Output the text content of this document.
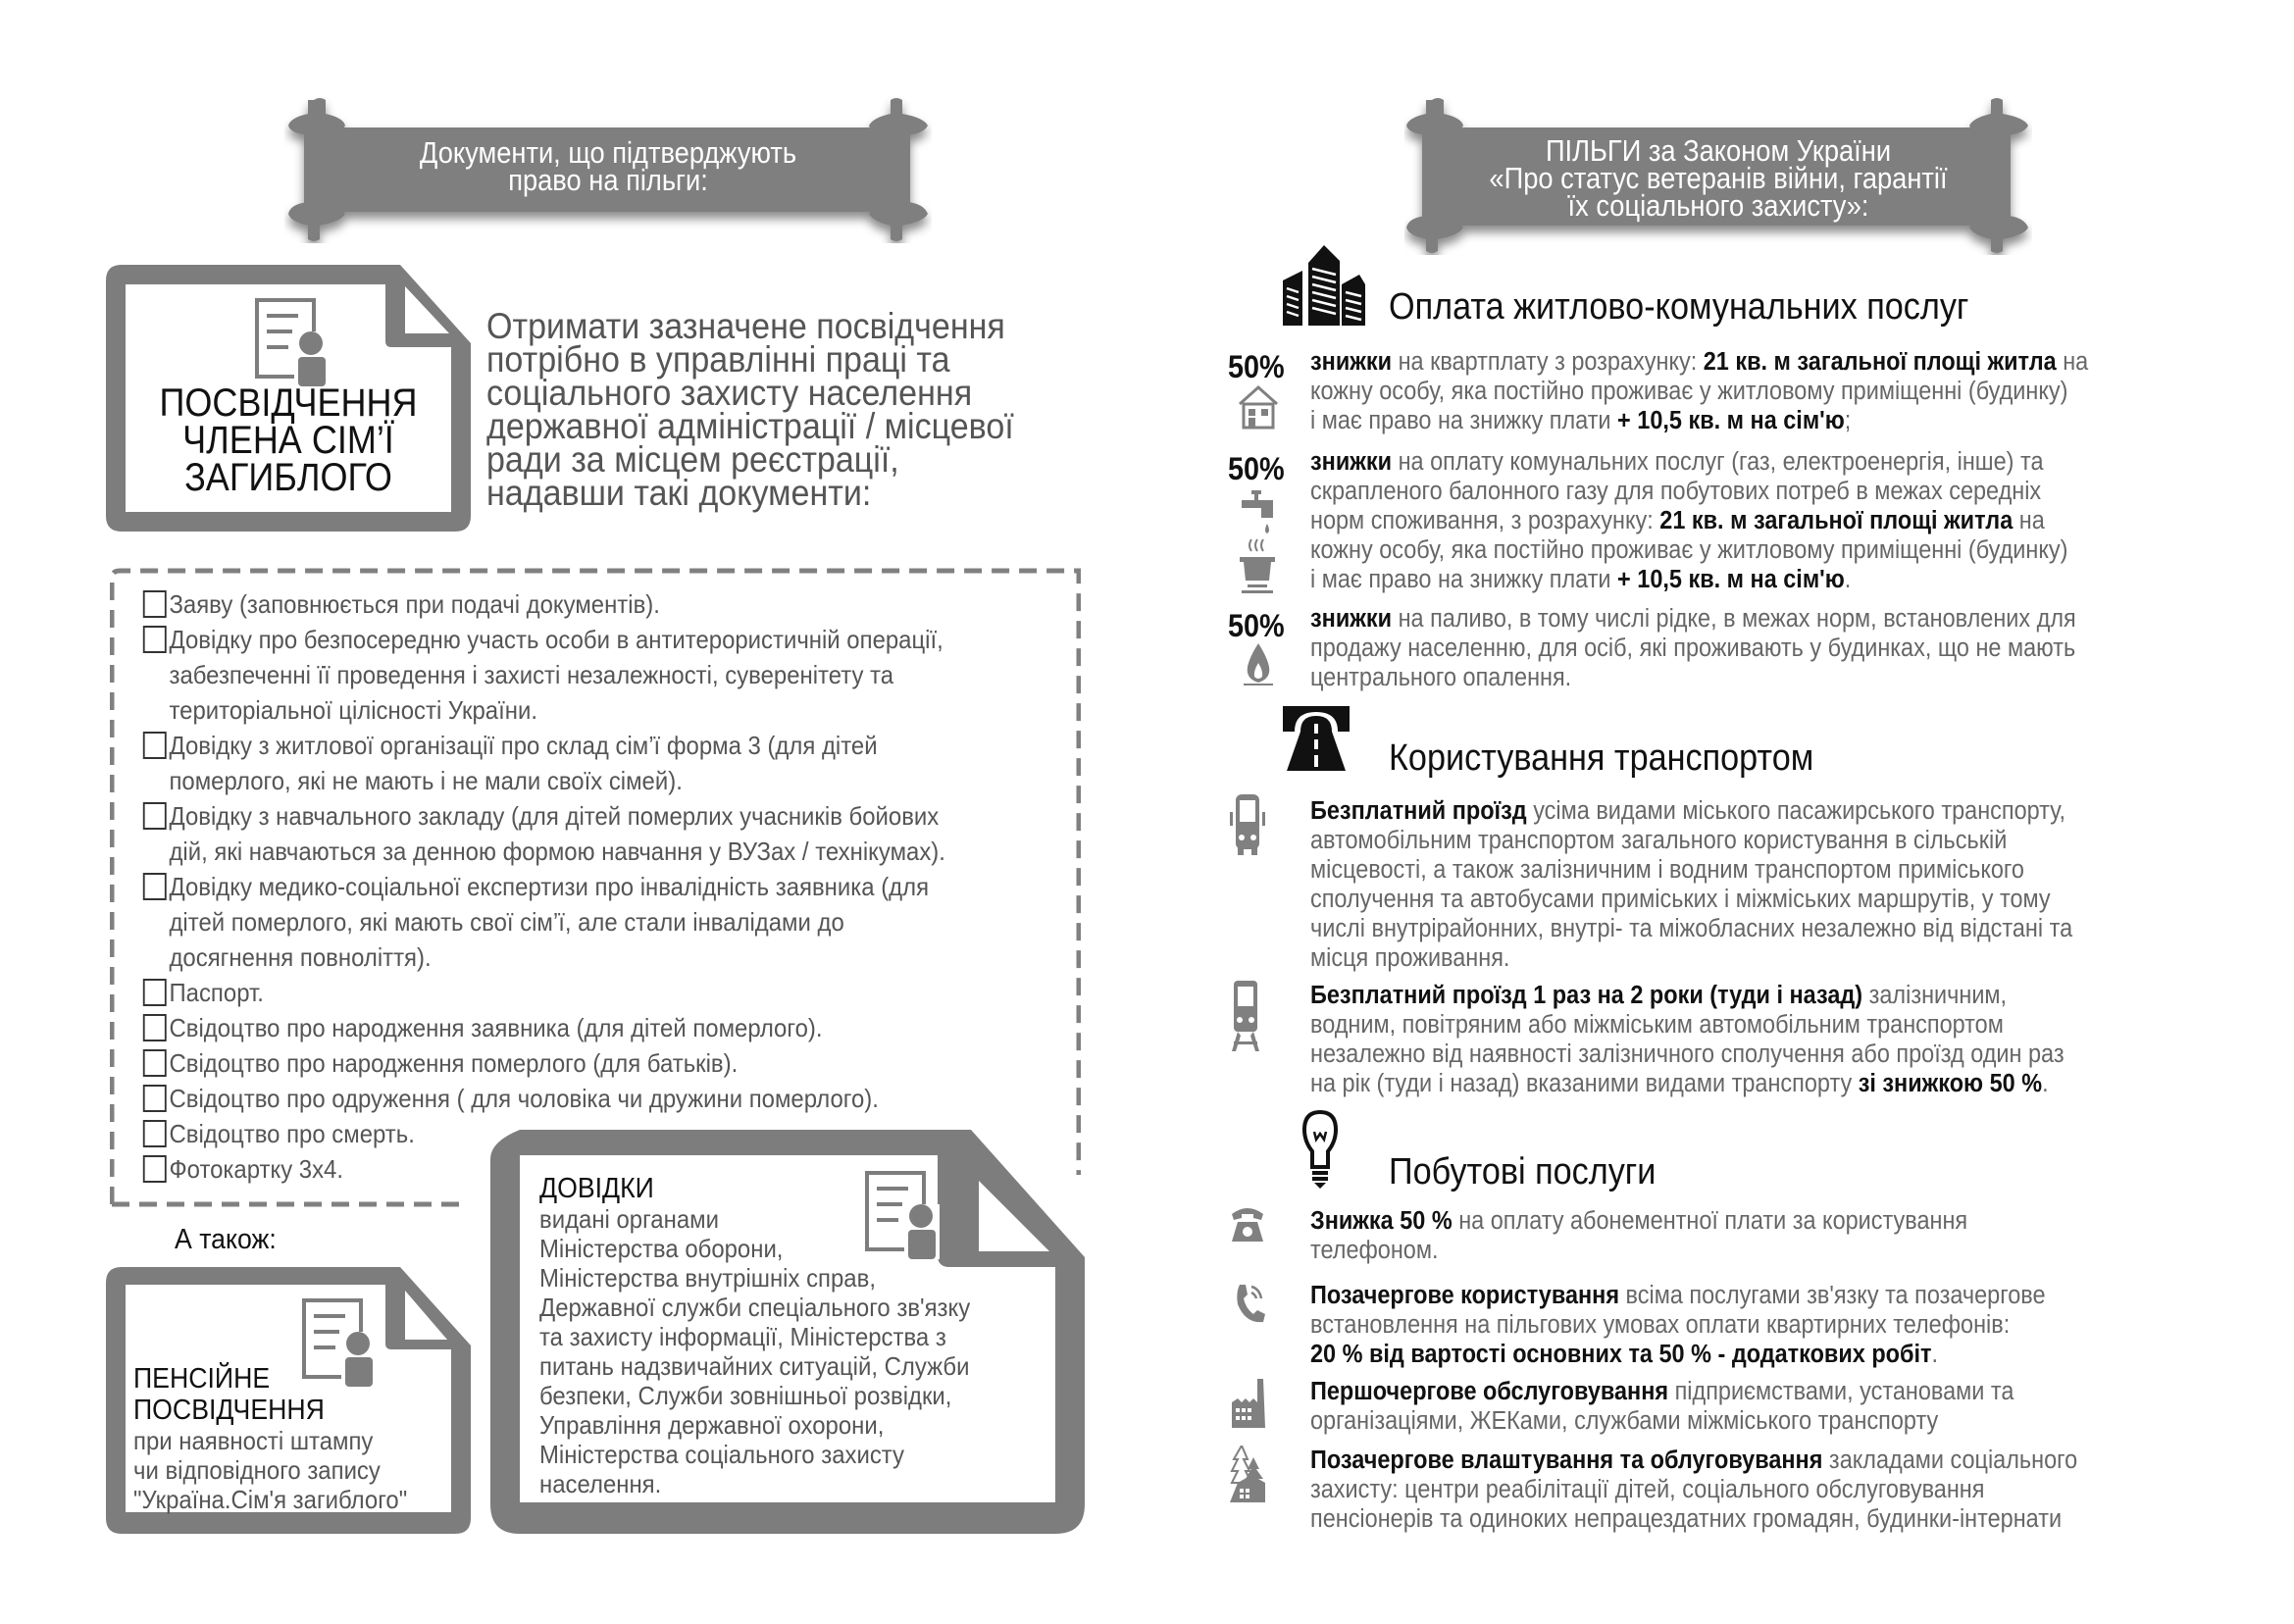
Документи, що підтверджують
право на пільги:
ПОСВІДЧЕННЯ
ЧЛЕНА СІМ’Ї
ЗАГИБЛОГО
Отримати зазначене посвідчення
потрібно в управлінні праці та
соціального захисту населення
державної адміністрації / місцевої
ради за місцем реєстрації,
надавши такі документи:
Заяву (заповнюється при подачі документів).
Довідку про безпосередню участь особи в антитерористичній операції,
забезпеченні її проведення і захисті незалежності, суверенітету та
територіальної цілісності України.
Довідку з житлової організації про склад сім’ї форма 3 (для дітей
померлого, які не мають і не мали своїх сімей).
Довідку з навчального закладу (для дітей померлих учасників бойових
дій, які навчаються за денною формою навчання у ВУЗах / технікумах).
Довідку медико-соціальної експертизи про інвалідність заявника (для
дітей померлого, які мають свої сім’ї, але стали інвалідами до
досягнення повноліття).
Паспорт.
Свідоцтво про народження заявника (для дітей померлого).
Свідоцтво про народження померлого (для батьків).
Свідоцтво про одруження ( для чоловіка чи дружини померлого).
Свідоцтво про смерть.
Фотокартку 3х4.
А також:
ПЕНСІЙНЕ
ПОСВІДЧЕННЯ
при наявності штампу
чи відповідного запису
"Україна.Сім'я загиблого"
ДОВІДКИ
видані органами
Міністерства оборони,
Міністерства внутрішніх справ,
Державної служби спеціального зв'язку
та захисту інформації, Міністерства з
питань надзвичайних ситуацій, Служби
безпеки, Служби зовнішньої розвідки,
Управління державної охорони,
Міністерства соціального захисту
населення.
ПІЛЬГИ за Законом України
«Про статус ветеранів війни, гарантії
їх соціального захисту»:
Оплата житлово-комунальних послуг
50% знижки на квартплату з розрахунку: 21 кв. м загальної площі житла на
кожну особу, яка постійно проживає у житловому приміщенні (будинку)
і має право на знижку плати + 10,5 кв. м на сім'ю;
50% знижки на оплату комунальних послуг (газ, електроенергія, інше) та
скрапленого балонного газу для побутових потреб в межах середніх
норм споживання, з розрахунку: 21 кв. м загальної площі житла на
кожну особу, яка постійно проживає у житловому приміщенні (будинку)
і має право на знижку плати + 10,5 кв. м на сім'ю.
50% знижки на паливо, в тому числі рідке, в межах норм, встановлених для
продажу населенню, для осіб, які проживають у будинках, що не мають
центрального опалення.
Користування транспортом
Безплатний проїзд усіма видами міського пасажирського транспорту,
автомобільним транспортом загального користування в сільській
місцевості, а також залізничним і водним транспортом приміського
сполучення та автобусами приміських і міжміських маршрутів, у тому
числі внутрірайонних, внутрі- та міжобласних незалежно від відстані та
місця проживання.
Безплатний проїзд 1 раз на 2 роки (туди і назад) залізничним,
водним, повітряним або міжміським автомобільним транспортом
незалежно від наявності залізничного сполучення або проїзд один раз
на рік (туди і назад) вказаними видами транспорту зі знижкою 50 %.
Побутові послуги
Знижка 50 % на оплату абонементної плати за користування
телефоном.
Позачергове користування всіма послугами зв'язку та позачергове
встановлення на пільгових умовах оплати квартирних телефонів:
20 % від вартості основних та 50 % - додаткових робіт.
Першочергове обслуговування підприємствами, установами та
організаціями, ЖЕКами, службами міжміського транспорту
Позачергове влаштування та облуговування закладами соціального
захисту: центри реабілітації дітей, соціального обслуговування
пенсіонерів та одиноких непрацездатних громадян, будинки-інтернати
